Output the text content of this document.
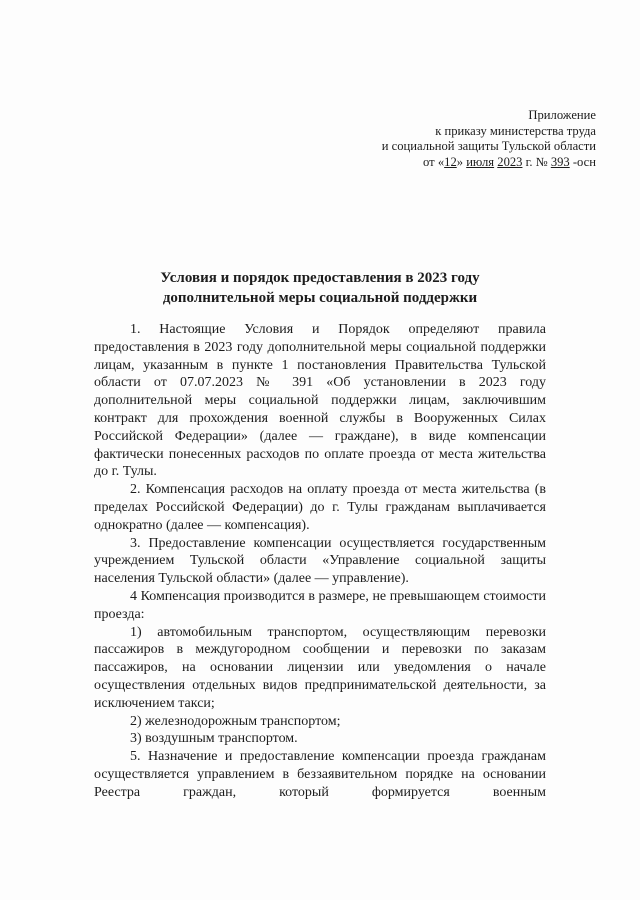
Приложение
к приказу министерства труда
и социальной защиты Тульской области
от «12» июля 2023 г. № 393 -осн
Условия и порядок предоставления в 2023 году
дополнительной меры социальной поддержки

1. Настоящие Условия и Порядок определяют правила предоставления в 2023 году дополнительной меры социальной поддержки лицам, указанным в пункте 1 постановления Правительства Тульской области от 07.07.2023 № 391 «Об установлении в 2023 году дополнительной меры социальной поддержки лицам, заключившим контракт для прохождения военной службы в Вооруженных Силах Российской Федерации» (далее — граждане), в виде компенсации фактически понесенных расходов по оплате проезда от места жительства до г. Тулы.

2. Компенсация расходов на оплату проезда от места жительства (в пределах Российской Федерации) до г. Тулы гражданам выплачивается однократно (далее — компенсация).

3. Предоставление компенсации осуществляется государственным учреждением Тульской области «Управление социальной защиты населения Тульской области» (далее — управление).

4 Компенсация производится в размере, не превышающем стоимости проезда:

1) автомобильным транспортом, осуществляющим перевозки пассажиров в междугородном сообщении и перевозки по заказам пассажиров, на основании лицензии или уведомления о начале осуществления отдельных видов предпринимательской деятельности, за исключением такси;

2) железнодорожным транспортом;

3) воздушным транспортом.

5. Назначение и предоставление компенсации проезда гражданам осуществляется управлением в беззаявительном порядке на основании Реестра граждан, который формируется военным
